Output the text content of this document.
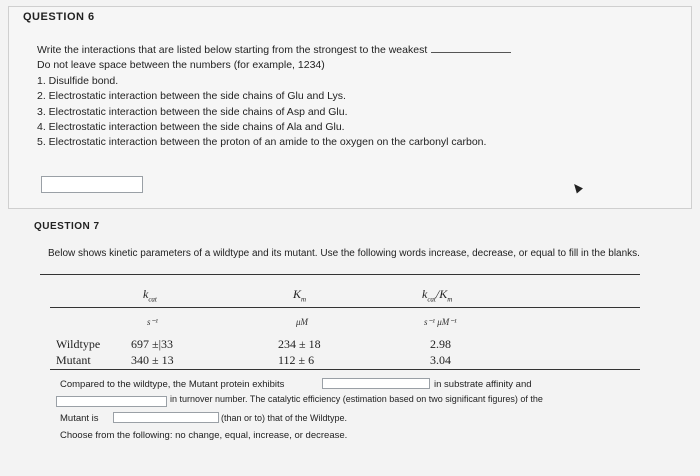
QUESTION 6
Write the interactions that are listed below starting from the strongest to the weakest
Do not leave space between the numbers (for example, 1234)
1. Disulfide bond.
2. Electrostatic interaction between the side chains of Glu and Lys.
3. Electrostatic interaction between the side chains of Asp and Glu.
4. Electrostatic interaction between the side chains of Ala and Glu.
5. Electrostatic interaction between the proton of an amide to the oxygen on the carbonyl carbon.
QUESTION 7
Below shows kinetic parameters of a wildtype and its mutant. Use the following words increase, decrease, or equal to fill in the blanks.
$k_{cat}$	$K_m$	$k_{cat}/K_m$
s⁻¹	μM	s⁻¹ μM⁻¹
Wildtype	697 ±|33	234 ± 18	2.98
Mutant	340 ± 13	112 ± 6	3.04
Compared to the wildtype, the Mutant protein exhibits	in substrate affinity and
in turnover number. The catalytic efficiency (estimation based on two significant figures) of the
Mutant is	(than or to) that of the Wildtype.
Choose from the following: no change, equal, increase, or decrease.
